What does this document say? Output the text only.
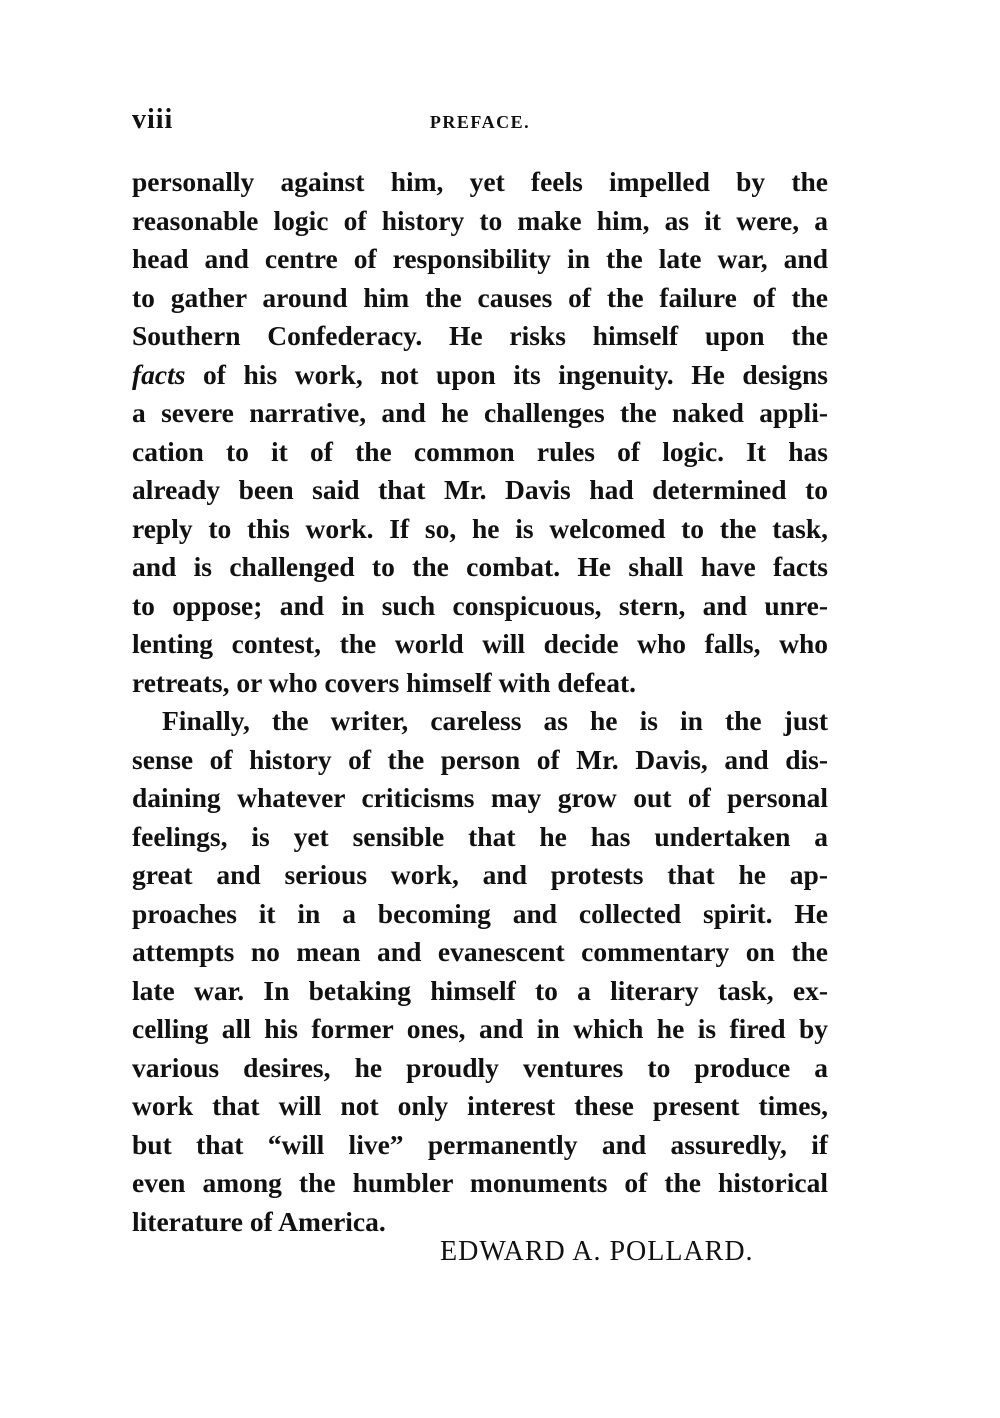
viii	PREFACE.
personally against him, yet feels impelled by the
reasonable logic of history to make him, as it were, a
head and centre of responsibility in the late war, and
to gather around him the causes of the failure of the
Southern Confederacy. He risks himself upon the
facts of his work, not upon its ingenuity. He designs
a severe narrative, and he challenges the naked appli-
cation to it of the common rules of logic. It has
already been said that Mr. Davis had determined to
reply to this work. If so, he is welcomed to the task,
and is challenged to the combat. He shall have facts
to oppose; and in such conspicuous, stern, and unre-
lenting contest, the world will decide who falls, who
retreats, or who covers himself with defeat.
Finally, the writer, careless as he is in the just
sense of history of the person of Mr. Davis, and dis-
daining whatever criticisms may grow out of personal
feelings, is yet sensible that he has undertaken a
great and serious work, and protests that he ap-
proaches it in a becoming and collected spirit. He
attempts no mean and evanescent commentary on the
late war. In betaking himself to a literary task, ex-
celling all his former ones, and in which he is fired by
various desires, he proudly ventures to produce a
work that will not only interest these present times,
but that “will live” permanently and assuredly, if
even among the humbler monuments of the historical
literature of America.
EDWARD A. POLLARD.
